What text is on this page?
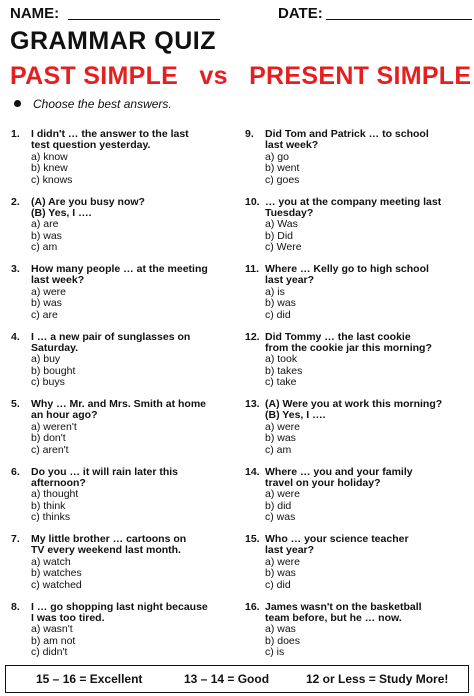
NAME:	DATE:
GRAMMAR QUIZ
PAST SIMPLE vs PRESENT SIMPLE
Choose the best answers.
1.	I didn't … the answer to the last
test question yesterday.
a) know
b) knew
c) knows
2.	(A) Are you busy now?
(B) Yes, I ….
a) are
b) was
c) am
3.	How many people … at the meeting
last week?
a) were
b) was
c) are
4.	I … a new pair of sunglasses on
Saturday.
a) buy
b) bought
c) buys
5.	Why … Mr. and Mrs. Smith at home
an hour ago?
a) weren't
b) don't
c) aren't
6.	Do you … it will rain later this
afternoon?
a) thought
b) think
c) thinks
7.	My little brother … cartoons on
TV every weekend last month.
a) watch
b) watches
c) watched
8.	I … go shopping last night because
I was too tired.
a) wasn't
b) am not
c) didn't
9.	Did Tom and Patrick … to school
last week?
a) go
b) went
c) goes
10. … you at the company meeting last
Tuesday?
a) Was
b) Did
c) Were
11. Where … Kelly go to high school
last year?
a) is
b) was
c) did
12. Did Tommy … the last cookie
from the cookie jar this morning?
a) took
b) takes
c) take
13. (A) Were you at work this morning?
(B) Yes, I ….
a) were
b) was
c) am
14. Where … you and your family
travel on your holiday?
a) were
b) did
c) was
15. Who … your science teacher
last year?
a) were
b) was
c) did
16. James wasn't on the basketball
team before, but he … now.
a) was
b) does
c) is
15 – 16 = Excellent	13 – 14 = Good	12 or Less = Study More!
